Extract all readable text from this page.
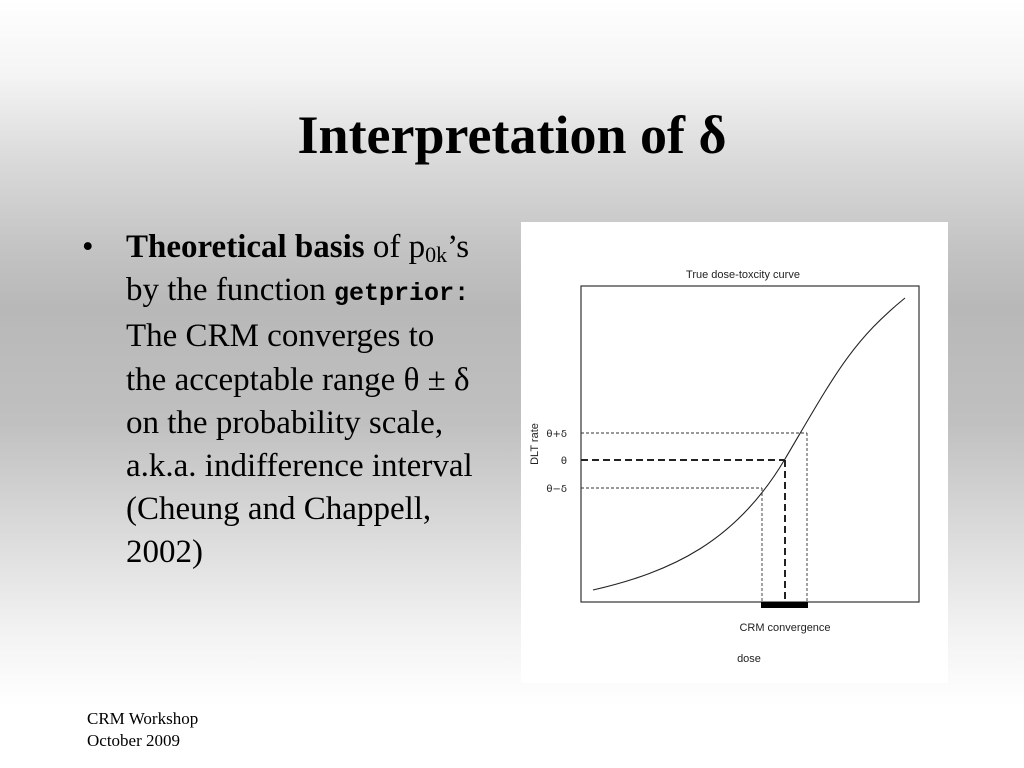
Interpretation of δ
• Theoretical basis of $p_{0k}’s$ by the function getprior: The CRM converges to the acceptable range θ ± δ on the probability scale, a.k.a. indifference interval (Cheung and Chappell, 2002)
True dose-toxcity curve
θ+δ
θ
θ−δ
DLT rate
CRM convergence
dose
CRM Workshop
October 2009
